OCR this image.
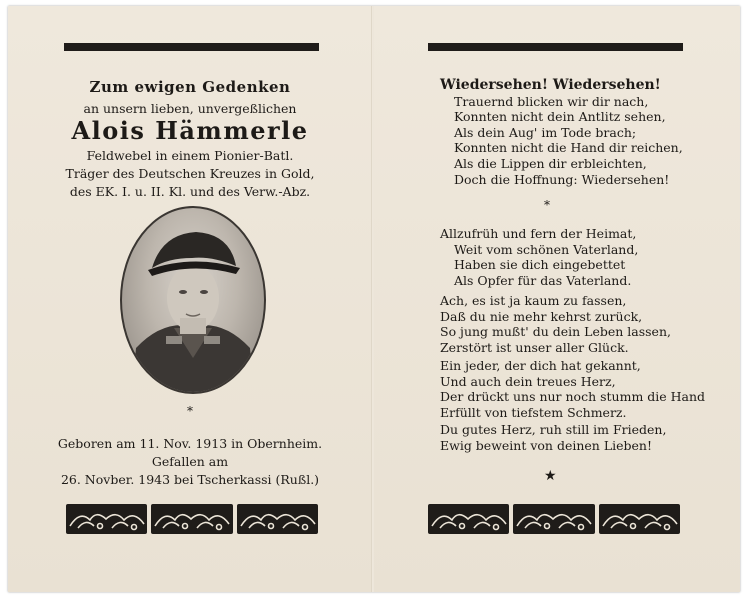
Zum ewigen Gedenken
an unsern lieben, unvergeßlichen
Alois Hämmerle
Feldwebel in einem Pionier-Batl.
Träger des Deutschen Kreuzes in Gold,
des EK. I. u. II. Kl. und des Verw.-Abz.
*
Geboren am 11. Nov. 1913 in Obernheim.
Gefallen am
26. Novber. 1943 bei Tscherkassi (Rußl.)
Wiedersehen! Wiedersehen!
Trauernd blicken wir dir nach,
Konnten nicht dein Antlitz sehen,
Als dein Aug' im Tode brach;
Konnten nicht die Hand dir reichen,
Als die Lippen dir erbleichten,
Doch die Hoffnung: Wiedersehen!
*
Allzufrüh und fern der Heimat,
Weit vom schönen Vaterland,
Haben sie dich eingebettet
Als Opfer für das Vaterland.
Ach, es ist ja kaum zu fassen,
Daß du nie mehr kehrst zurück,
So jung mußt' du dein Leben lassen,
Zerstört ist unser aller Glück.
Ein jeder, der dich hat gekannt,
Und auch dein treues Herz,
Der drückt uns nur noch stumm die Hand
Erfüllt von tiefstem Schmerz.
Du gutes Herz, ruh still im Frieden,
Ewig beweint von deinen Lieben!
★
